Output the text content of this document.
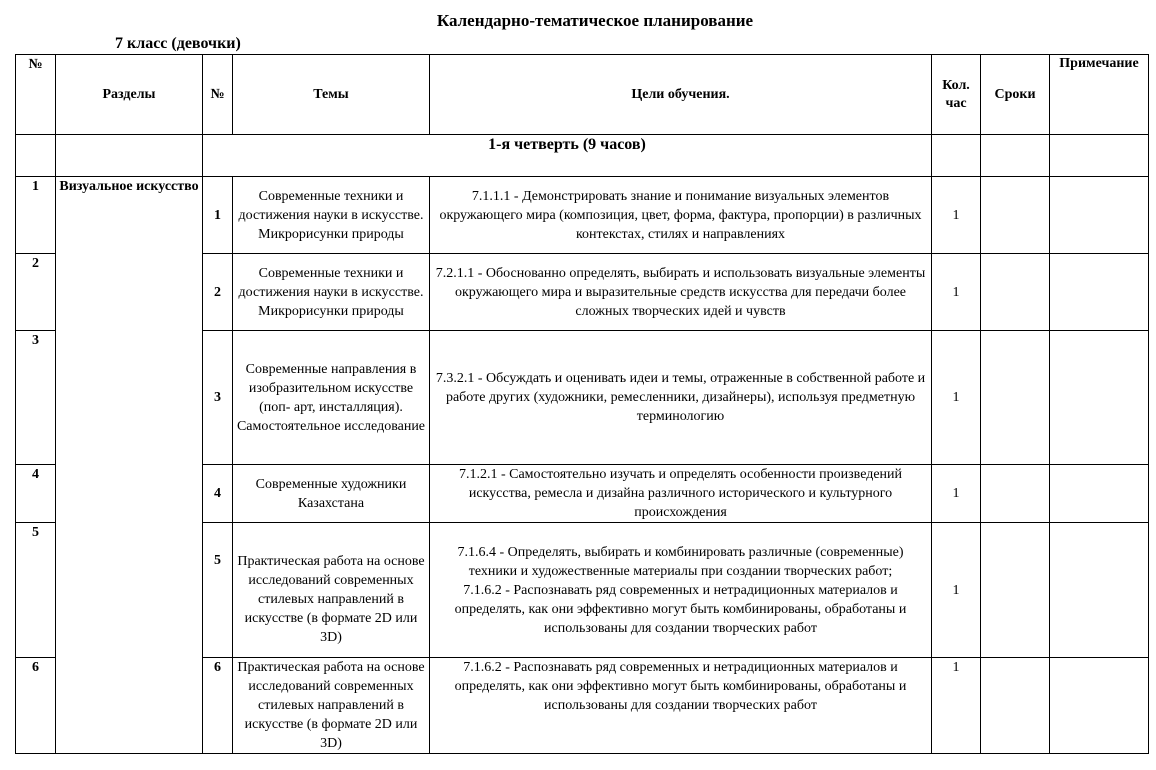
Календарно-тематическое планирование
7 класс (девочки)
№	Разделы	№	Темы	Цели обучения.	Кол. час	Сроки	Примечание
		1-я четверть (9 часов)					
1	Визуальное искусство	1	Современные техники и достижения науки в искусстве. Микрорисунки природы	7.1.1.1 - Демонстрировать знание и понимание визуальных элементов окружающего мира (композиция, цвет, форма, фактура, пропорции) в различных контекстах, стилях и направлениях	1		
2		2	Современные техники и достижения науки в искусстве. Микрорисунки природы	7.2.1.1 - Обоснованно определять, выбирать и использовать визуальные элементы окружающего мира и выразительные средств искусства для передачи более сложных творческих идей и чувств	1		
3		3	Современные направления в изобразительном искусстве (поп- арт, инсталляция). Самостоятельное исследование	7.3.2.1 - Обсуждать и оценивать идеи и темы, отраженные в собственной работе и работе других (художники, ремесленники, дизайнеры), используя предметную терминологию	1		
4		4	Современные художники Казахстана	7.1.2.1 - Самостоятельно изучать и определять особенности произведений искусства, ремесла и дизайна различного исторического и культурного происхождения	1		
5		5	Практическая работа на основе исследований современных стилевых направлений в искусстве (в формате 2D или 3D)	7.1.6.4 - Определять, выбирать и комбинировать различные (современные) техники и художественные материалы при создании творческих работ;
7.1.6.2 - Распознавать ряд современных и нетрадиционных материалов и определять, как они эффективно могут быть комбинированы, обработаны и использованы для создании творческих работ	1		
6		6	Практическая работа на основе исследований современных стилевых направлений в искусстве (в формате 2D или 3D)	7.1.6.2 - Распознавать ряд современных и нетрадиционных материалов и определять, как они эффективно могут быть комбинированы, обработаны и использованы для создании творческих работ	1		
